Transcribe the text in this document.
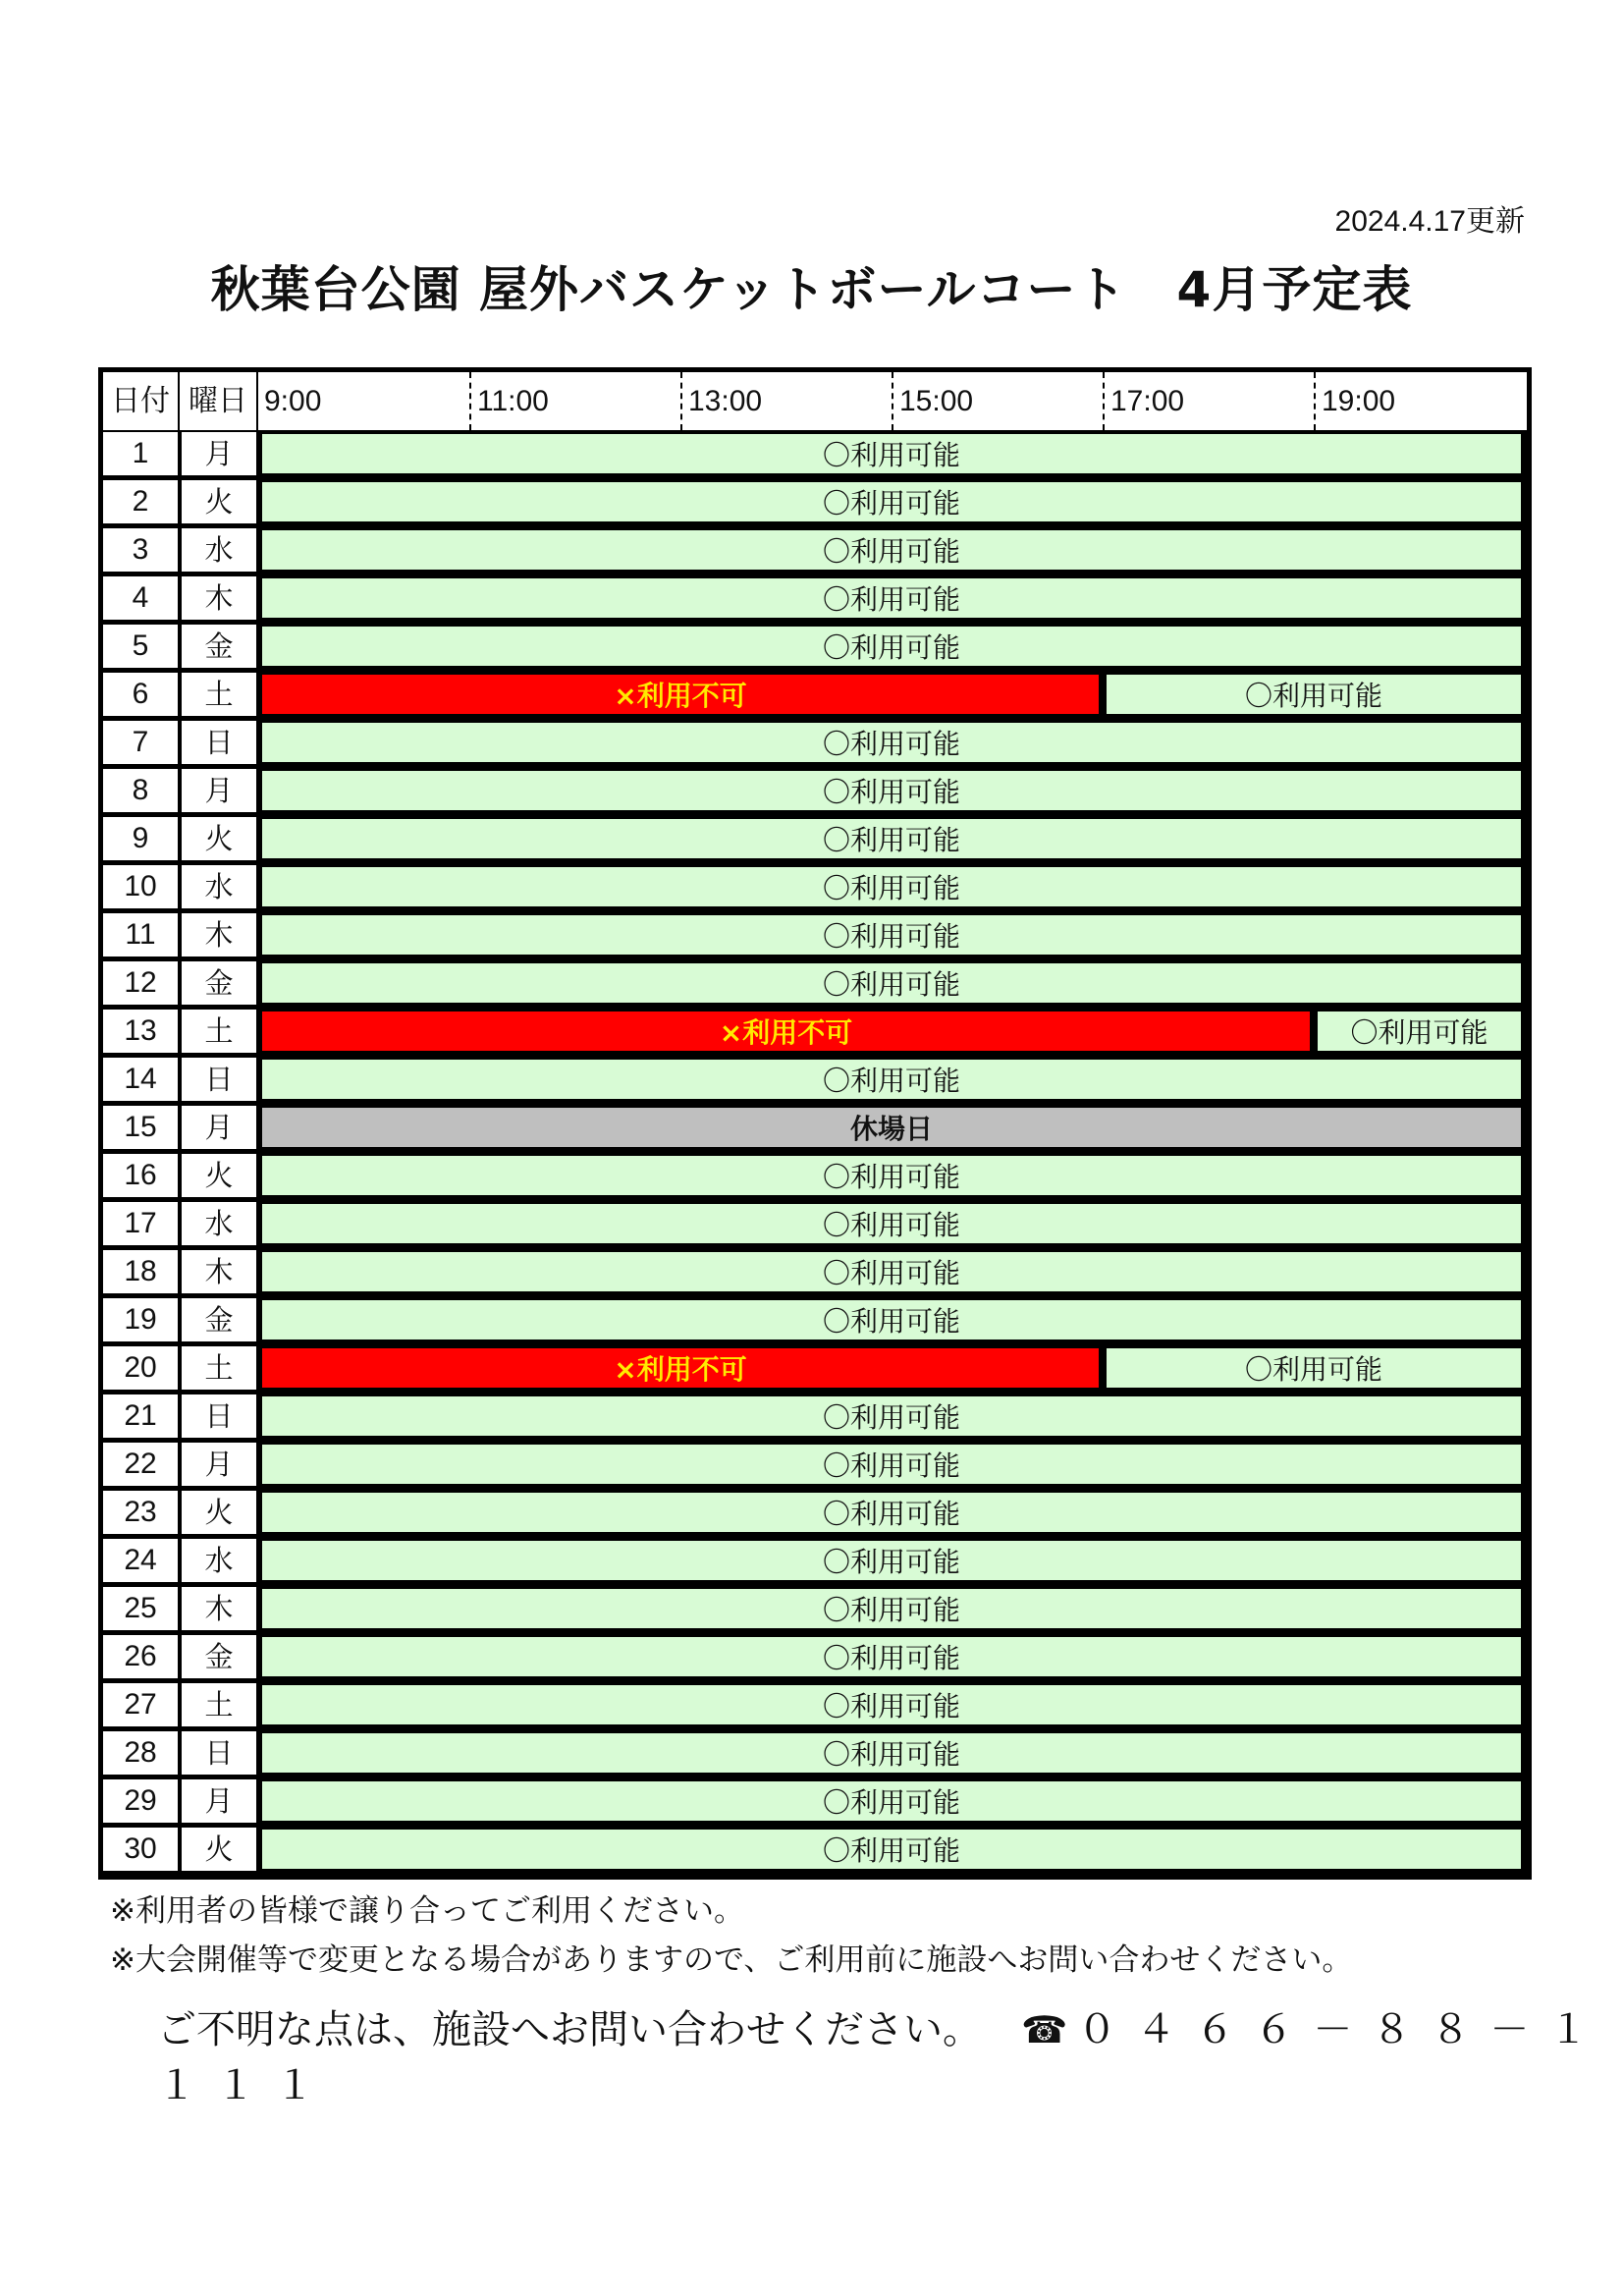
2024.4.17更新
秋葉台公園 屋外バスケットボールコート　4月予定表
日付 曜日 9:00	11:00	13:00	15:00	17:00	19:00
1	月	〇利用可能
2	火	〇利用可能
3	水	〇利用可能
4	木	〇利用可能
5	金	〇利用可能
6	土	×利用不可	〇利用可能
7	日	〇利用可能
8	月	〇利用可能
9	火	〇利用可能
10	水	〇利用可能
11	木	〇利用可能
12	金	〇利用可能
13	土	×利用不可	〇利用可能
14	日	〇利用可能
15	月	休場日
16	火	〇利用可能
17	水	〇利用可能
18	木	〇利用可能
19	金	〇利用可能
20	土	×利用不可	〇利用可能
21	日	〇利用可能
22	月	〇利用可能
23	火	〇利用可能
24	水	〇利用可能
25	木	〇利用可能
26	金	〇利用可能
27	土	〇利用可能
28	日	〇利用可能
29	月	〇利用可能
30	火	〇利用可能
※利用者の皆様で譲り合ってご利用ください。
※大会開催等で変更となる場合がありますので、ご利用前に施設へお問い合わせください。
ご不明な点は、施設へお問い合わせください。 ☎ ０４６６－８８－１１１１
